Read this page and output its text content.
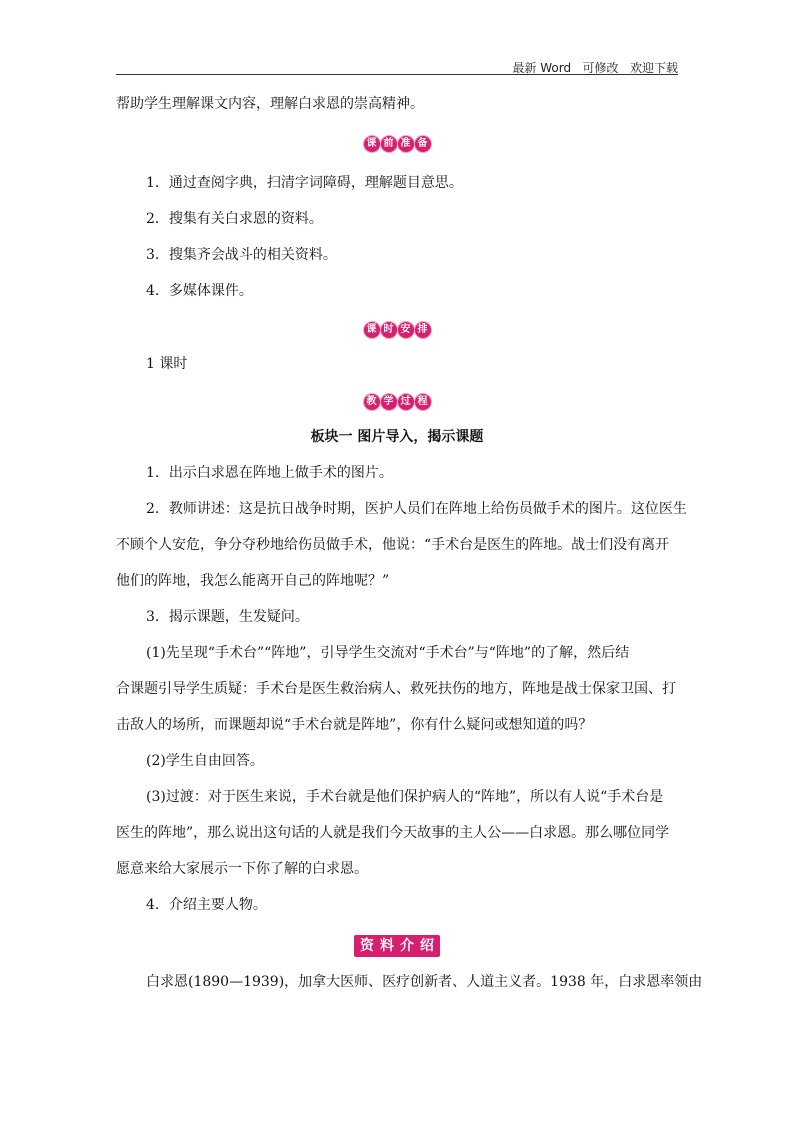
最新 Word   可修改   欢迎下载
帮助学生理解课文内容，理解白求恩的崇高精神。
课 前 准 备
1．通过查阅字典，扫清字词障碍，理解题目意思。
2．搜集有关白求恩的资料。
3．搜集齐会战斗的相关资料。
4．多媒体课件。
课 时 安 排
1 课时
教 学 过 程
板块一 图片导入，揭示课题
1．出示白求恩在阵地上做手术的图片。
2．教师讲述：这是抗日战争时期，医护人员们在阵地上给伤员做手术的图片。这位医生
不顾个人安危，争分夺秒地给伤员做手术，他说：“手术台是医生的阵地。战士们没有离开
他们的阵地，我怎么能离开自己的阵地呢？”
3．揭示课题，生发疑问。
(1)先呈现“手术台”“阵地”，引导学生交流对“手术台”与“阵地”的了解，然后结
合课题引导学生质疑：手术台是医生救治病人、救死扶伤的地方，阵地是战士保家卫国、打
击敌人的场所，而课题却说“手术台就是阵地”，你有什么疑问或想知道的吗？
(2)学生自由回答。
(3)过渡：对于医生来说，手术台就是他们保护病人的“阵地”，所以有人说“手术台是
医生的阵地”，那么说出这句话的人就是我们今天故事的主人公——白求恩。那么哪位同学
愿意来给大家展示一下你了解的白求恩。
4．介绍主要人物。
资 料 介 绍
白求恩(1890—1939)，加拿大医师、医疗创新者、人道主义者。1938 年，白求恩率领由
